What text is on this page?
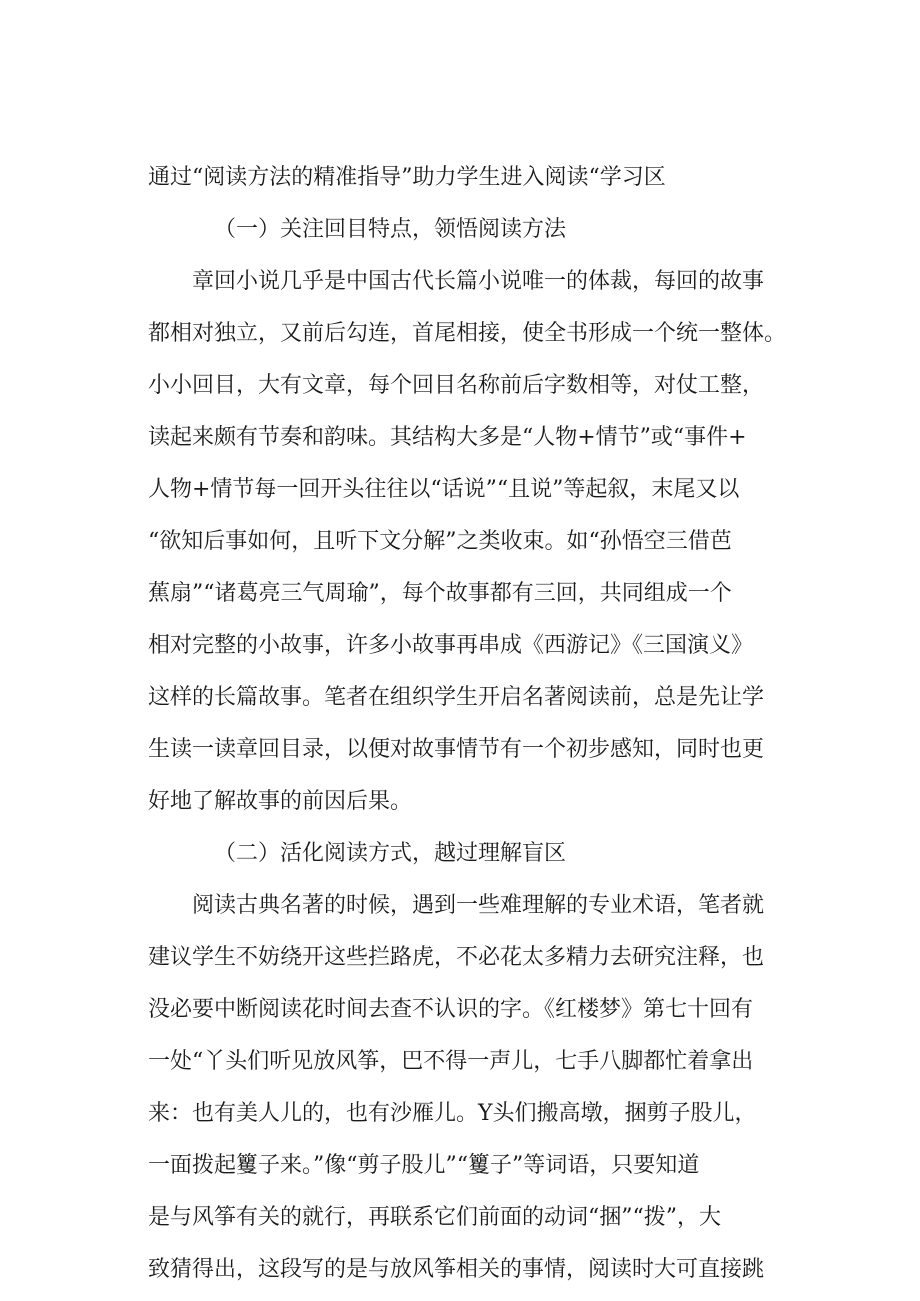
通过“阅读方法的精准指导”助力学生进入阅读“学习区
（一）关注回目特点，领悟阅读方法
章回小说几乎是中国古代长篇小说唯一的体裁，每回的故事
都相对独立，又前后勾连，首尾相接，使全书形成一个统一整体。
小小回目，大有文章，每个回目名称前后字数相等，对仗工整，
读起来颇有节奏和韵味。其结构大多是“人物+情节”或“事件+
人物+情节每一回开头往往以“话说”“且说”等起叙，末尾又以
“欲知后事如何，且听下文分解”之类收束。如“孙悟空三借芭
蕉扇”“诸葛亮三气周瑜”，每个故事都有三回，共同组成一个
相对完整的小故事，许多小故事再串成《西游记》《三国演义》
这样的长篇故事。笔者在组织学生开启名著阅读前，总是先让学
生读一读章回目录，以便对故事情节有一个初步感知，同时也更
好地了解故事的前因后果。
（二）活化阅读方式，越过理解盲区
阅读古典名著的时候，遇到一些难理解的专业术语，笔者就
建议学生不妨绕开这些拦路虎，不必花太多精力去研究注释，也
没必要中断阅读花时间去查不认识的字。《红楼梦》第七十回有
一处“丫头们听见放风筝，巴不得一声儿，七手八脚都忙着拿出
来：也有美人儿的，也有沙雁儿。Y头们搬高墩，捆剪子股儿，
一面拨起籰子来。”像“剪子股儿”“籰子”等词语，只要知道
是与风筝有关的就行，再联系它们前面的动词“捆”“拨”，大
致猜得出，这段写的是与放风筝相关的事情，阅读时大可直接跳
